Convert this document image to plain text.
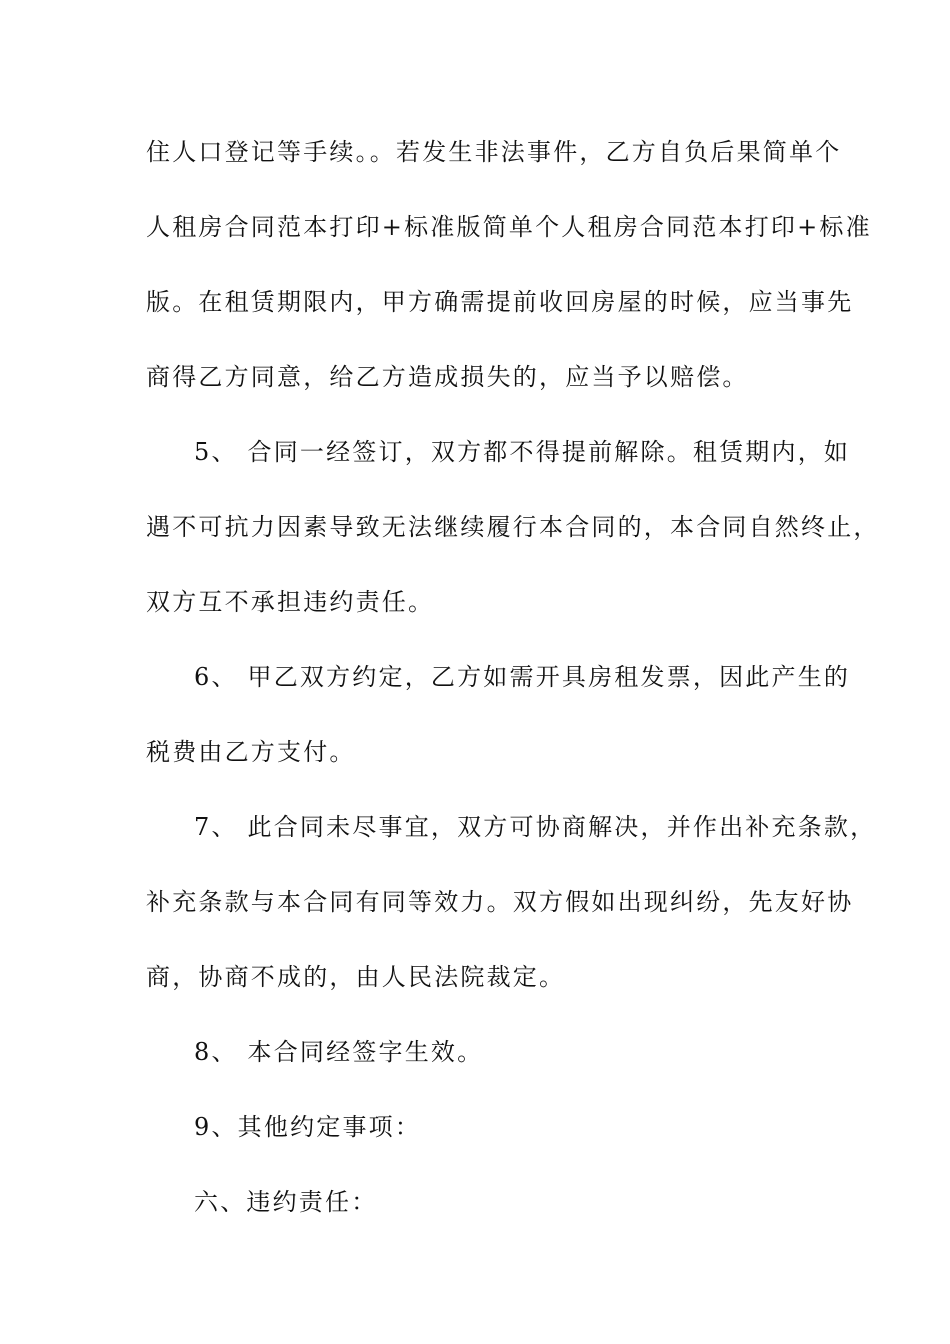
住人口登记等手续。。若发生非法事件，乙方自负后果简单个
人租房合同范本打印+标准版简单个人租房合同范本打印+标准
版。在租赁期限内，甲方确需提前收回房屋的时候，应当事先
商得乙方同意，给乙方造成损失的，应当予以赔偿。
5、 合同一经签订，双方都不得提前解除。租赁期内，如
遇不可抗力因素导致无法继续履行本合同的，本合同自然终止，
双方互不承担违约责任。
6、 甲乙双方约定，乙方如需开具房租发票，因此产生的
税费由乙方支付。
7、 此合同未尽事宜，双方可协商解决，并作出补充条款，
补充条款与本合同有同等效力。双方假如出现纠纷，先友好协
商，协商不成的，由人民法院裁定。
8、 本合同经签字生效。
9、其他约定事项：
六、违约责任：
